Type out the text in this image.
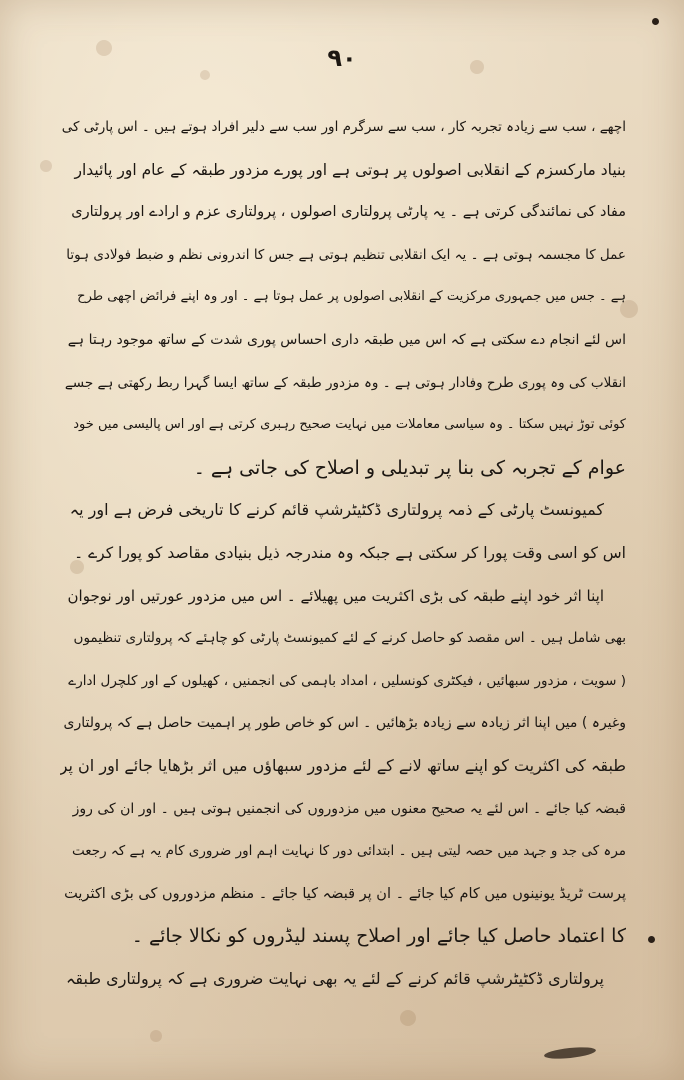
۹۰
اچھے ، سب سے زیادہ تجربہ کار ، سب سے سرگرم اور سب سے دلیر افراد ہوتے ہیں ۔ اس پارٹی کی
بنیاد مارکسزم کے انقلابی اصولوں پر ہوتی ہے اور پورے مزدور طبقہ کے عام اور پائیدار
مفاد کی نمائندگی کرتی ہے ۔ یہ پارٹی پرولتاری اصولوں ، پرولتاری عزم و ارادے اور پرولتاری
عمل کا مجسمہ ہوتی ہے ۔ یہ ایک انقلابی تنظیم ہوتی ہے جس کا اندرونی نظم و ضبط فولادی ہوتا
ہے ۔ جس میں جمہوری مرکزیت کے انقلابی اصولوں پر عمل ہوتا ہے ۔ اور وہ اپنے فرائض اچھی طرح
اس لئے انجام دے سکتی ہے کہ اس میں طبقہ داری احساس پوری شدت کے ساتھ موجود رہتا ہے
انقلاب کی وہ پوری طرح وفادار ہوتی ہے ۔ وہ مزدور طبقہ کے ساتھ ایسا گہرا ربط رکھتی ہے جسے
کوئی توڑ نہیں سکتا ۔ وہ سیاسی معاملات میں نہایت صحیح رہبری کرتی ہے اور اس پالیسی میں خود
عوام کے تجربہ کی بنا پر تبدیلی و اصلاح کی جاتی ہے ۔
کمیونسٹ پارٹی کے ذمہ پرولتاری ڈکٹیٹرشپ قائم کرنے کا تاریخی فرض ہے اور یہ
اس کو اسی وقت پورا کر سکتی ہے جبکہ وہ مندرجہ ذیل بنیادی مقاصد کو پورا کرے ۔
اپنا اثر خود اپنے طبقہ کی بڑی اکثریت میں پھیلائے ۔ اس میں مزدور عورتیں اور نوجوان
بھی شامل ہیں ۔ اس مقصد کو حاصل کرنے کے لئے کمیونسٹ پارٹی کو چاہئے کہ پرولتاری تنظیموں
( سویت ، مزدور سبھائیں ، فیکٹری کونسلیں ، امداد باہمی کی انجمنیں ، کھیلوں کے اور کلچرل ادارے
وغیرہ ) میں اپنا اثر زیادہ سے زیادہ بڑھائیں ۔ اس کو خاص طور پر اہمیت حاصل ہے کہ پرولتاری
طبقہ کی اکثریت کو اپنے ساتھ لانے کے لئے مزدور سبھاؤں میں اثر بڑھایا جائے اور ان پر
قبضہ کیا جائے ۔ اس لئے یہ صحیح معنوں میں مزدوروں کی انجمنیں ہوتی ہیں ۔ اور ان کی روز
مرہ کی جد و جہد میں حصہ لیتی ہیں ۔ ابتدائی دور کا نہایت اہم اور ضروری کام یہ ہے کہ رجعت
پرست ٹریڈ یونینوں میں کام کیا جائے ۔ ان پر قبضہ کیا جائے ۔ منظم مزدوروں کی بڑی اکثریت
کا اعتماد حاصل کیا جائے اور اصلاح پسند لیڈروں کو نکالا جائے ۔
پرولتاری ڈکٹیٹرشپ قائم کرنے کے لئے یہ بھی نہایت ضروری ہے کہ پرولتاری طبقہ
